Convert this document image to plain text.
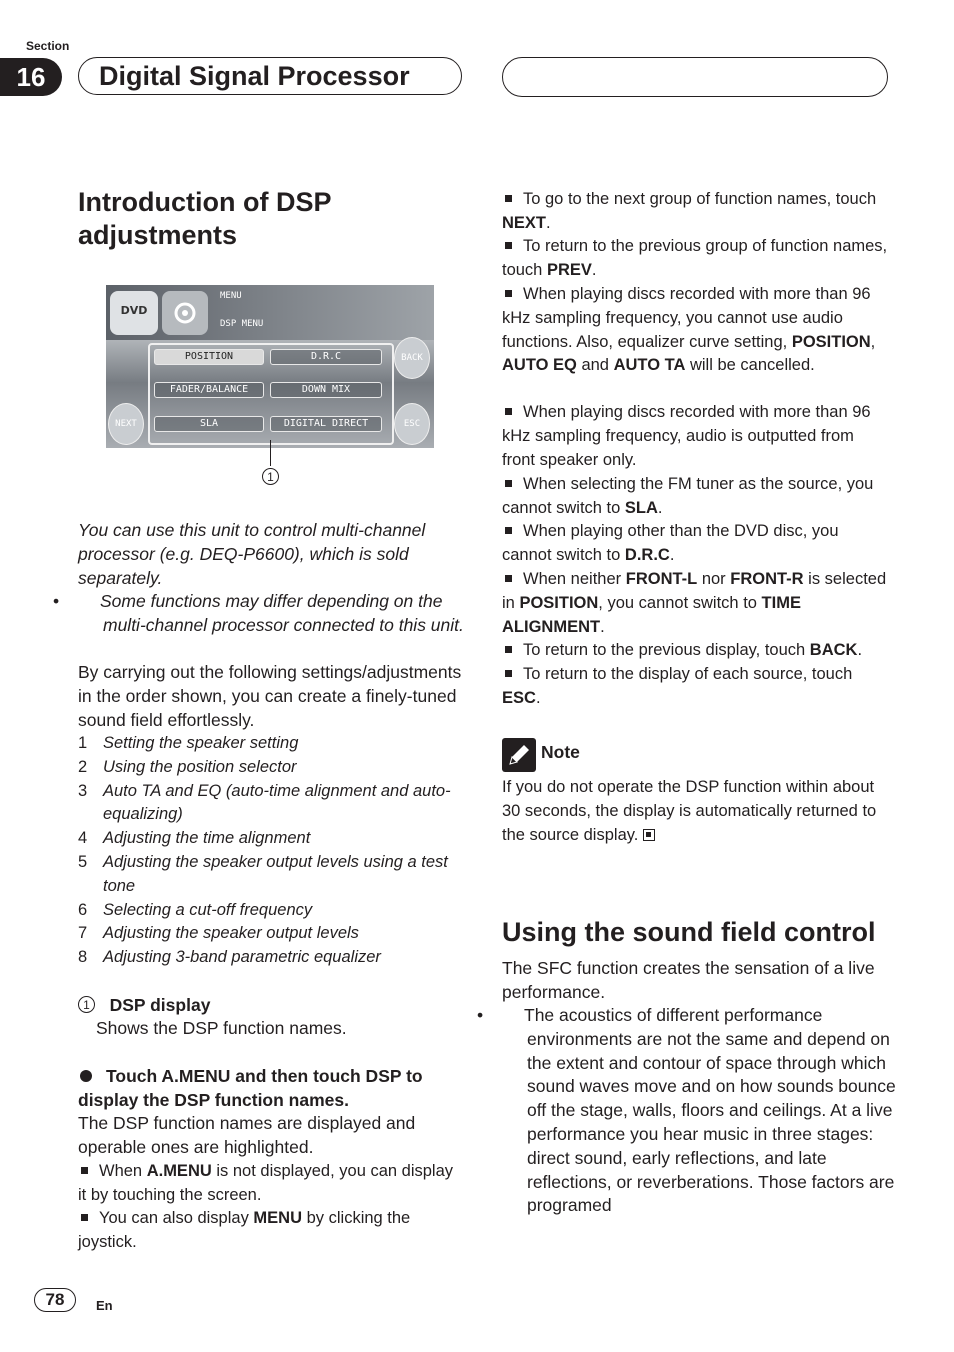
Section
16	Digital Signal Processor
Introduction of DSP adjustments
DVD
MENU
DSP MENU
POSITION	D.R.C
FADER/BALANCE	DOWN MIX
SLA	DIGITAL DIRECT
BACK
NEXT	ESC
1
You can use this unit to control multi-channel processor (e.g. DEQ-P6600), which is sold separately.
• Some functions may differ depending on the multi-channel processor connected to this unit.
By carrying out the following settings/adjustments in the order shown, you can create a finely-tuned sound field effortlessly.
1 Setting the speaker setting
2 Using the position selector
3 Auto TA and EQ (auto-time alignment and auto-equalizing)
4 Adjusting the time alignment
5 Adjusting the speaker output levels using a test tone
6 Selecting a cut-off frequency
7 Adjusting the speaker output levels
8 Adjusting 3-band parametric equalizer
1 DSP display
Shows the DSP function names.
Touch A.MENU and then touch DSP to display the DSP function names.
The DSP function names are displayed and operable ones are highlighted.
When A.MENU is not displayed, you can display it by touching the screen.
You can also display MENU by clicking the joystick.
To go to the next group of function names, touch NEXT.
To return to the previous group of function names, touch PREV.
When playing discs recorded with more than 96 kHz sampling frequency, you cannot use audio functions. Also, equalizer curve setting, POSITION, AUTO EQ and AUTO TA will be cancelled.
When playing discs recorded with more than 96 kHz sampling frequency, audio is outputted from front speaker only.
When selecting the FM tuner as the source, you cannot switch to SLA.
When playing other than the DVD disc, you cannot switch to D.R.C.
When neither FRONT-L nor FRONT-R is selected in POSITION, you cannot switch to TIME ALIGNMENT.
To return to the previous display, touch BACK.
To return to the display of each source, touch ESC.
Note
If you do not operate the DSP function within about 30 seconds, the display is automatically returned to the source display.
Using the sound field control
The SFC function creates the sensation of a live performance.
• The acoustics of different performance environments are not the same and depend on the extent and contour of space through which sound waves move and on how sounds bounce off the stage, walls, floors and ceilings. At a live performance you hear music in three stages: direct sound, early reflections, and late reflections, or reverberations. Those factors are programed
78	En
